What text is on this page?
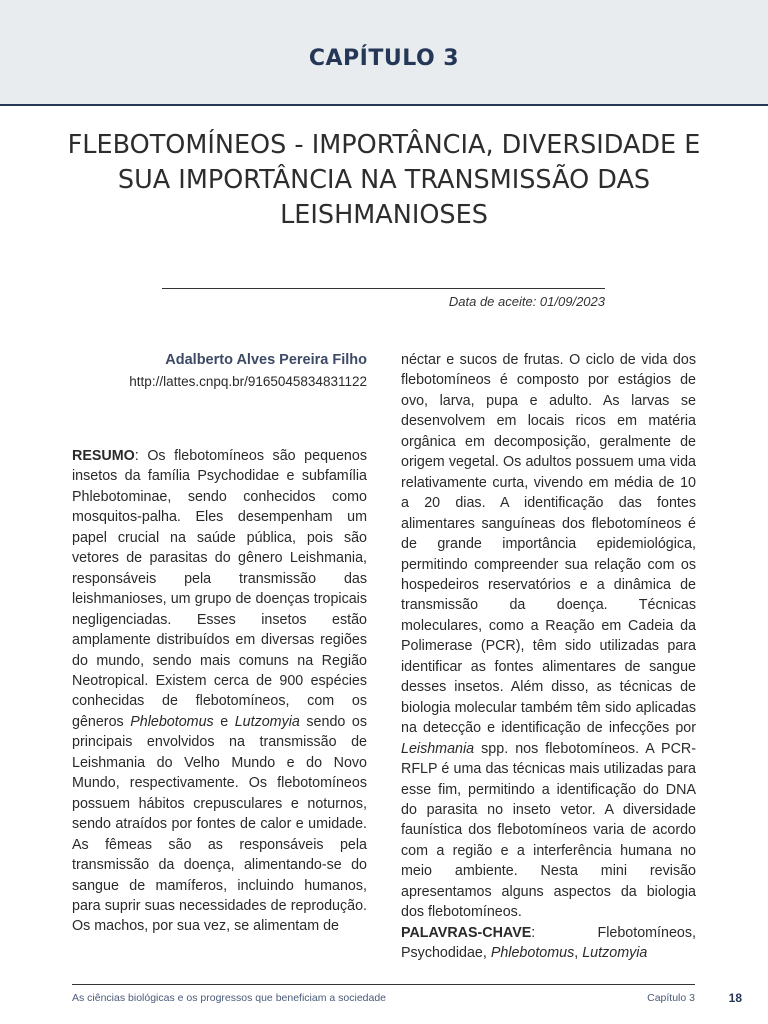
CAPÍTULO 3
FLEBOTOMÍNEOS - IMPORTÂNCIA, DIVERSIDADE E SUA IMPORTÂNCIA NA TRANSMISSÃO DAS LEISHMANIOSES
Data de aceite: 01/09/2023
Adalberto Alves Pereira Filho
http://lattes.cnpq.br/9165045834831122
RESUMO: Os flebotomíneos são pequenos insetos da família Psychodidae e subfamília Phlebotominae, sendo conhecidos como mosquitos-palha. Eles desempenham um papel crucial na saúde pública, pois são vetores de parasitas do gênero Leishmania, responsáveis pela transmissão das leishmanioses, um grupo de doenças tropicais negligenciadas. Esses insetos estão amplamente distribuídos em diversas regiões do mundo, sendo mais comuns na Região Neotropical. Existem cerca de 900 espécies conhecidas de flebotomíneos, com os gêneros Phlebotomus e Lutzomyia sendo os principais envolvidos na transmissão de Leishmania do Velho Mundo e do Novo Mundo, respectivamente. Os flebotomíneos possuem hábitos crepusculares e noturnos, sendo atraídos por fontes de calor e umidade. As fêmeas são as responsáveis pela transmissão da doença, alimentando-se do sangue de mamíferos, incluindo humanos, para suprir suas necessidades de reprodução. Os machos, por sua vez, se alimentam de
néctar e sucos de frutas. O ciclo de vida dos flebotomíneos é composto por estágios de ovo, larva, pupa e adulto. As larvas se desenvolvem em locais ricos em matéria orgânica em decomposição, geralmente de origem vegetal. Os adultos possuem uma vida relativamente curta, vivendo em média de 10 a 20 dias. A identificação das fontes alimentares sanguíneas dos flebotomíneos é de grande importância epidemiológica, permitindo compreender sua relação com os hospedeiros reservatórios e a dinâmica de transmissão da doença. Técnicas moleculares, como a Reação em Cadeia da Polimerase (PCR), têm sido utilizadas para identificar as fontes alimentares de sangue desses insetos. Além disso, as técnicas de biologia molecular também têm sido aplicadas na detecção e identificação de infecções por Leishmania spp. nos flebotomíneos. A PCR-RFLP é uma das técnicas mais utilizadas para esse fim, permitindo a identificação do DNA do parasita no inseto vetor. A diversidade faunística dos flebotomíneos varia de acordo com a região e a interferência humana no meio ambiente. Nesta mini revisão apresentamos alguns aspectos da biologia dos flebotomíneos.
PALAVRAS-CHAVE: Flebotomíneos, Psychodidae, Phlebotomus, Lutzomyia
As ciências biológicas e os progressos que beneficiam a sociedade	Capítulo 3	18
